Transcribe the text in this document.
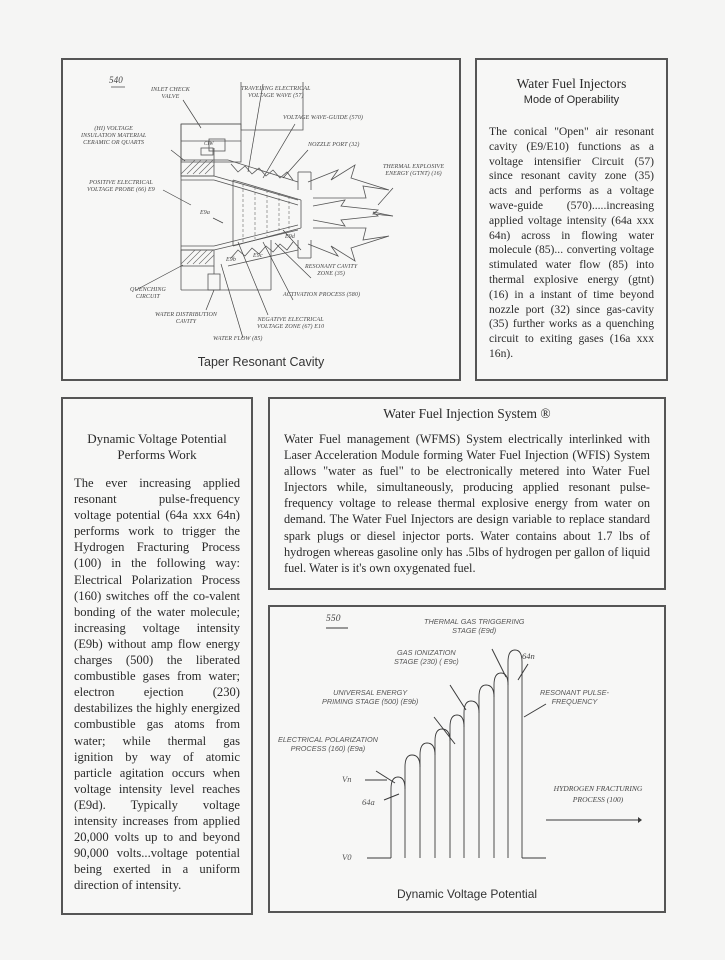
540
INLET CHECK
VALVE
TRAVELING ELECTRICAL
VOLTAGE WAVE (57)
VOLTAGE WAVE-GUIDE (570)
(HI) VOLTAGE
INSULATION MATERIAL
CERAMIC OR QUARTS	NOZZLE PORT (32)
THERMAL EXPLOSIVE
ENERGY (GTNT) (16)
POSITIVE ELECTRICAL
VOLTAGE PROBE (66) E9
CIW
E9a
E9d
E9b
E9c
RESONANT CAVITY
ZONE (35)
QUENCHING
CIRCUIT	ACTIVATION PROCESS (580)
WATER DISTRIBUTION
CAVITY	NEGATIVE ELECTRICAL
VOLTAGE ZONE (67) E10
WATER FLOW (85)
Taper Resonant Cavity
Water Fuel Injectors
Mode of Operability
The conical "Open" air resonant cavity (E9/E10) functions as a voltage intensifier Circuit (57) since resonant cavity zone (35) acts and performs as a voltage wave-guide (570).....increasing applied voltage intensity (64a xxx 64n) across in flowing water molecule (85)... converting voltage stimulated water flow (85) into thermal explosive energy (gtnt) (16) in a instant of time beyond nozzle port (32) since gas-cavity (35) further works as a quenching circuit to exiting gases (16a xxx 16n).
Dynamic Voltage Potential
Performs Work
The ever increasing applied resonant pulse-frequency voltage potential (64a xxx 64n) performs work to trigger the Hydrogen Fracturing Process (100) in the following way: Electrical Polarization Process (160) switches off the co-valent bonding of the water molecule; increasing voltage intensity (E9b) without amp flow energy charges (500) the liberated combustible gases from water; electron ejection (230) destabilizes the highly energized combustible gas atoms from water; while thermal gas ignition by way of atomic particle agitation occurs when voltage intensity level reaches (E9d). Typically voltage intensity increases from applied 20,000 volts up to and beyond 90,000 volts...voltage potential being exerted in a uniform direction of intensity.
Water Fuel Injection System ®
Water Fuel management (WFMS) System electrically interlinked with Laser Acceleration Module forming Water Fuel Injection (WFIS) System allows "water as fuel" to be electronically metered into Water Fuel Injectors while, simultaneously, producing applied resonant pulse-frequency voltage to release thermal explosive energy from water on demand. The Water Fuel Injectors are design variable to replace standard spark plugs or diesel injector ports. Water contains about 1.7 lbs of hydrogen whereas gasoline only has .5lbs of hydrogen per gallon of liquid fuel. Water is it's own oxygenated fuel.
550	THERMAL GAS TRIGGERING
STAGE (E9d)
GAS IONIZATION
STAGE (230) ( E9c)
64n
UNIVERSAL ENERGY
PRIMING STAGE (500) (E9b)
RESONANT PULSE-
FREQUENCY
ELECTRICAL POLARIZATION
PROCESS (160) (E9a)
Vn
64a
HYDROGEN FRACTURING
PROCESS (100)
V0
Dynamic Voltage Potential
